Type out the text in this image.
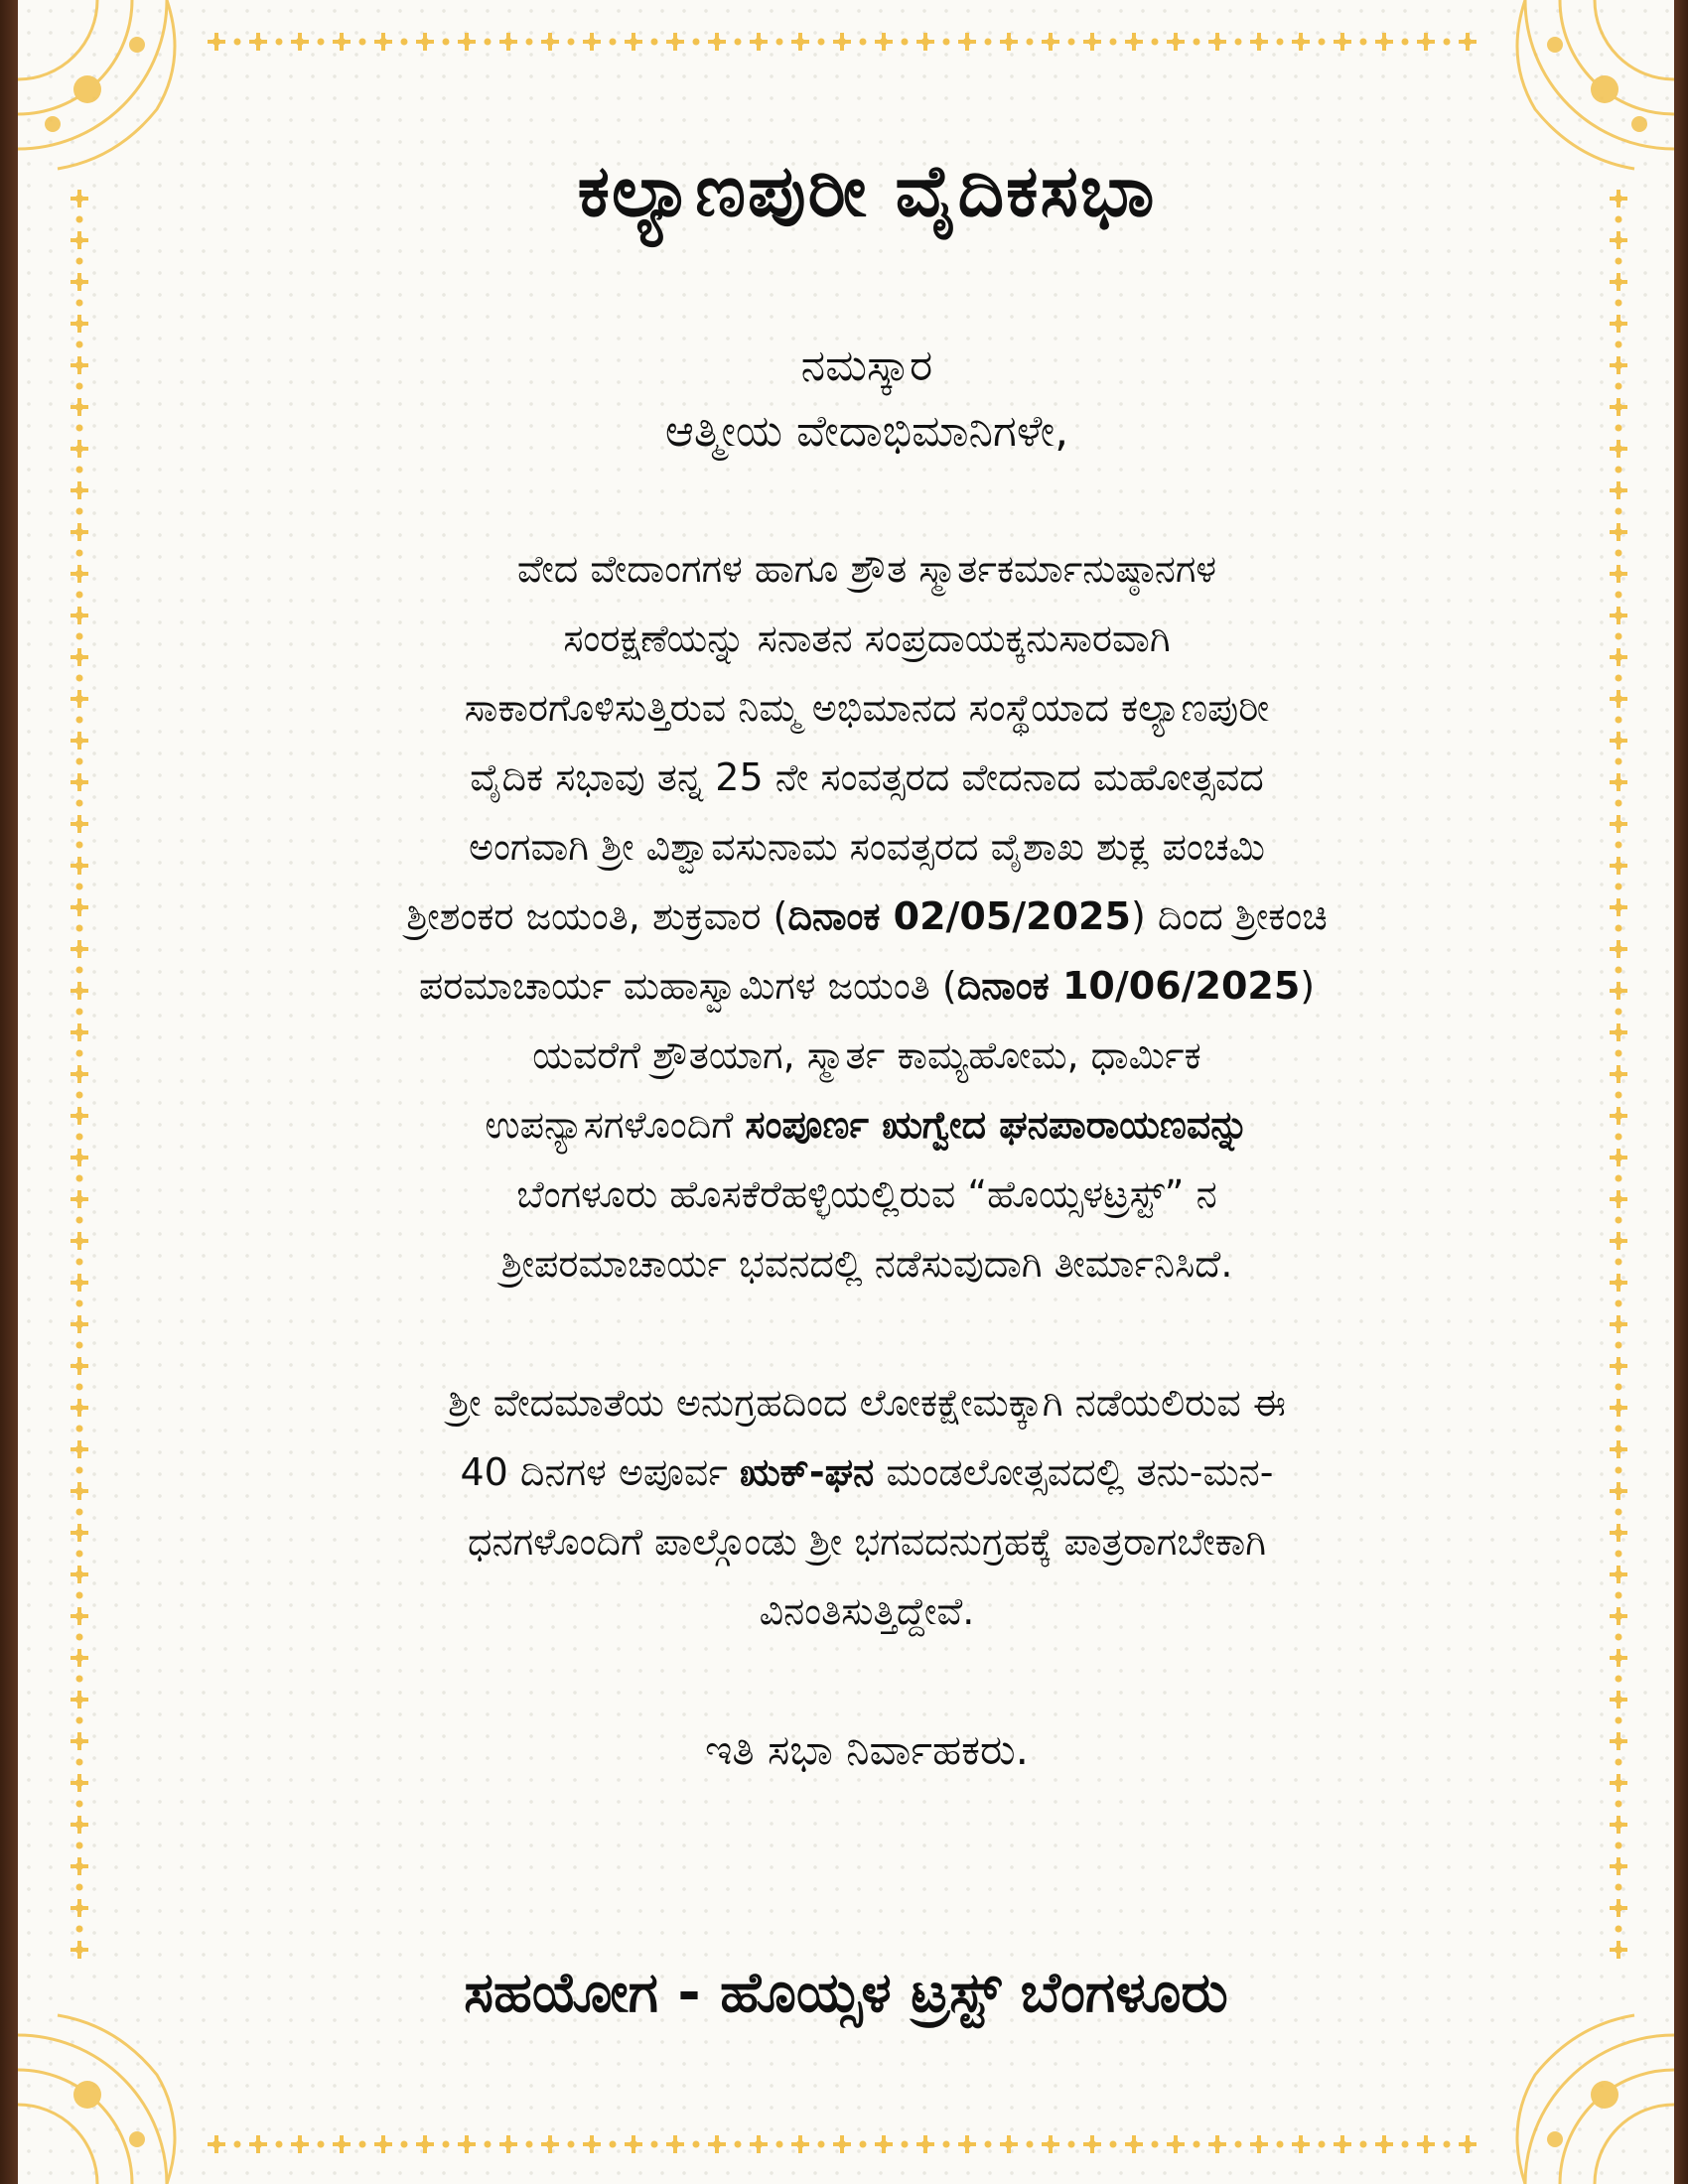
ಕಲ್ಯಾಣಪುರೀ ವೈದಿಕಸಭಾ
ನಮಸ್ಕಾರ
ಆತ್ಮೀಯ ವೇದಾಭಿಮಾನಿಗಳೇ,
ವೇದ ವೇದಾಂಗಗಳ ಹಾಗೂ ಶ್ರೌತ ಸ್ಮಾರ್ತಕರ್ಮಾನುಷ್ಠಾನಗಳ
ಸಂರಕ್ಷಣೆಯನ್ನು ಸನಾತನ ಸಂಪ್ರದಾಯಕ್ಕನುಸಾರವಾಗಿ
ಸಾಕಾರಗೊಳಿಸುತ್ತಿರುವ ನಿಮ್ಮ ಅಭಿಮಾನದ ಸಂಸ್ಥೆಯಾದ ಕಲ್ಯಾಣಪುರೀ
ವೈದಿಕ ಸಭಾವು ತನ್ನ 25 ನೇ ಸಂವತ್ಸರದ ವೇದನಾದ ಮಹೋತ್ಸವದ
ಅಂಗವಾಗಿ ಶ್ರೀ ವಿಶ್ವಾವಸುನಾಮ ಸಂವತ್ಸರದ ವೈಶಾಖ ಶುಕ್ಲ ಪಂಚಮಿ
ಶ್ರೀಶಂಕರ ಜಯಂತಿ, ಶುಕ್ರವಾರ (ದಿನಾಂಕ 02/05/2025) ದಿಂದ ಶ್ರೀಕಂಚಿ
ಪರಮಾಚಾರ್ಯ ಮಹಾಸ್ವಾಮಿಗಳ ಜಯಂತಿ (ದಿನಾಂಕ 10/06/2025)
ಯವರೆಗೆ ಶ್ರೌತಯಾಗ, ಸ್ಮಾರ್ತ ಕಾಮ್ಯಹೋಮ, ಧಾರ್ಮಿಕ
ಉಪನ್ಯಾಸಗಳೊಂದಿಗೆ ಸಂಪೂರ್ಣ ಋಗ್ವೇದ ಘನಪಾರಾಯಣವನ್ನು
ಬೆಂಗಳೂರು ಹೊಸಕೆರೆಹಳ್ಳಿಯಲ್ಲಿರುವ “ಹೊಯ್ಸಳಟ್ರಸ್ಟ್” ನ
ಶ್ರೀಪರಮಾಚಾರ್ಯ ಭವನದಲ್ಲಿ ನಡೆಸುವುದಾಗಿ ತೀರ್ಮಾನಿಸಿದೆ.
ಶ್ರೀ ವೇದಮಾತೆಯ ಅನುಗ್ರಹದಿಂದ ಲೋಕಕ್ಷೇಮಕ್ಕಾಗಿ ನಡೆಯಲಿರುವ ಈ
40 ದಿನಗಳ ಅಪೂರ್ವ ಋಕ್-ಘನ ಮಂಡಲೋತ್ಸವದಲ್ಲಿ ತನು-ಮನ-
ಧನಗಳೊಂದಿಗೆ ಪಾಲ್ಗೊಂಡು ಶ್ರೀ ಭಗವದನುಗ್ರಹಕ್ಕೆ ಪಾತ್ರರಾಗಬೇಕಾಗಿ
ವಿನಂತಿಸುತ್ತಿದ್ದೇವೆ.
ಇತಿ ಸಭಾ ನಿರ್ವಾಹಕರು.
ಸಹಯೋಗ - ಹೊಯ್ಸಳ ಟ್ರಸ್ಟ್ ಬೆಂಗಳೂರು
